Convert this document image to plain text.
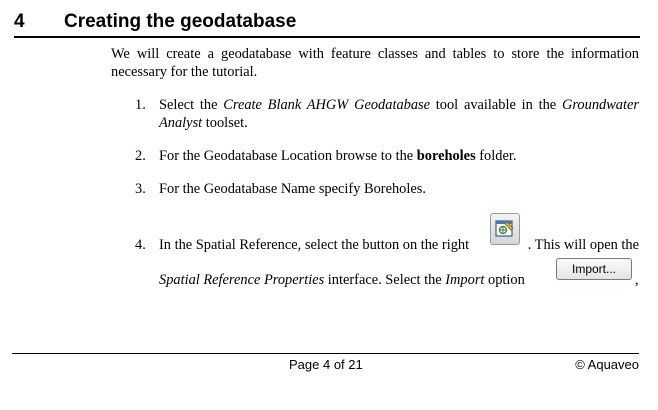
4 Creating the geodatabase
We will create a geodatabase with feature classes and tables to store the information
necessary for the tutorial.
1. Select the Create Blank AHGW Geodatabase tool available in the Groundwater
Analyst toolset.
2. For the Geodatabase Location browse to the boreholes folder.
3. For the Geodatabase Name specify Boreholes.
4. In the Spatial Reference, select the button on the right	. This will open the
Spatial Reference Properties interface. Select the Import option	,
Import...
Page 4 of 21	© Aquaveo
